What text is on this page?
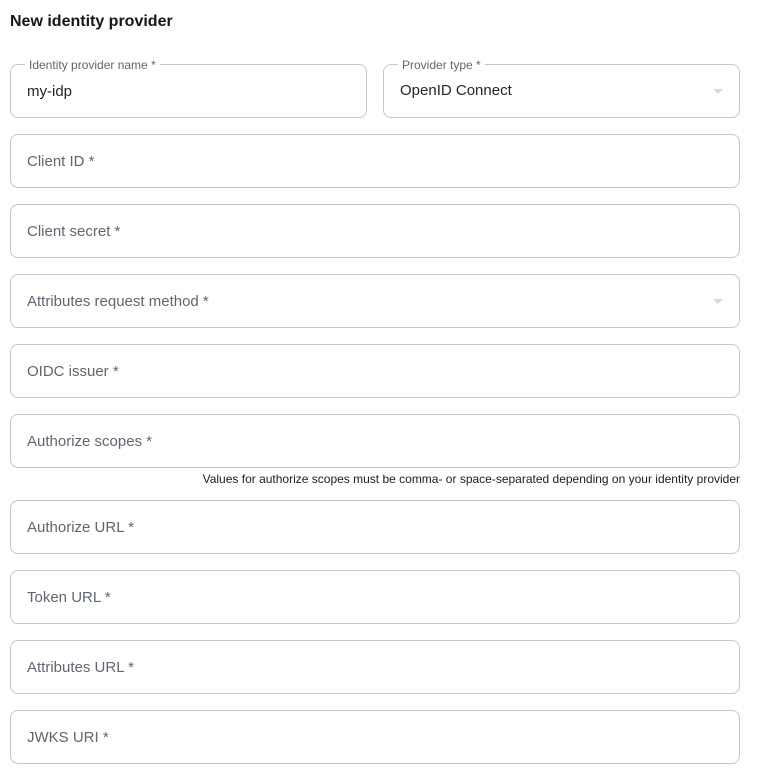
New identity provider
Identity provider name *
my-idp	Provider type *
OpenID Connect
Client ID *
Client secret *
Attributes request method *
OIDC issuer *
Authorize scopes *
Values for authorize scopes must be comma- or space-separated depending on your identity provider
Authorize URL *
Token URL *
Attributes URL *
JWKS URI *
